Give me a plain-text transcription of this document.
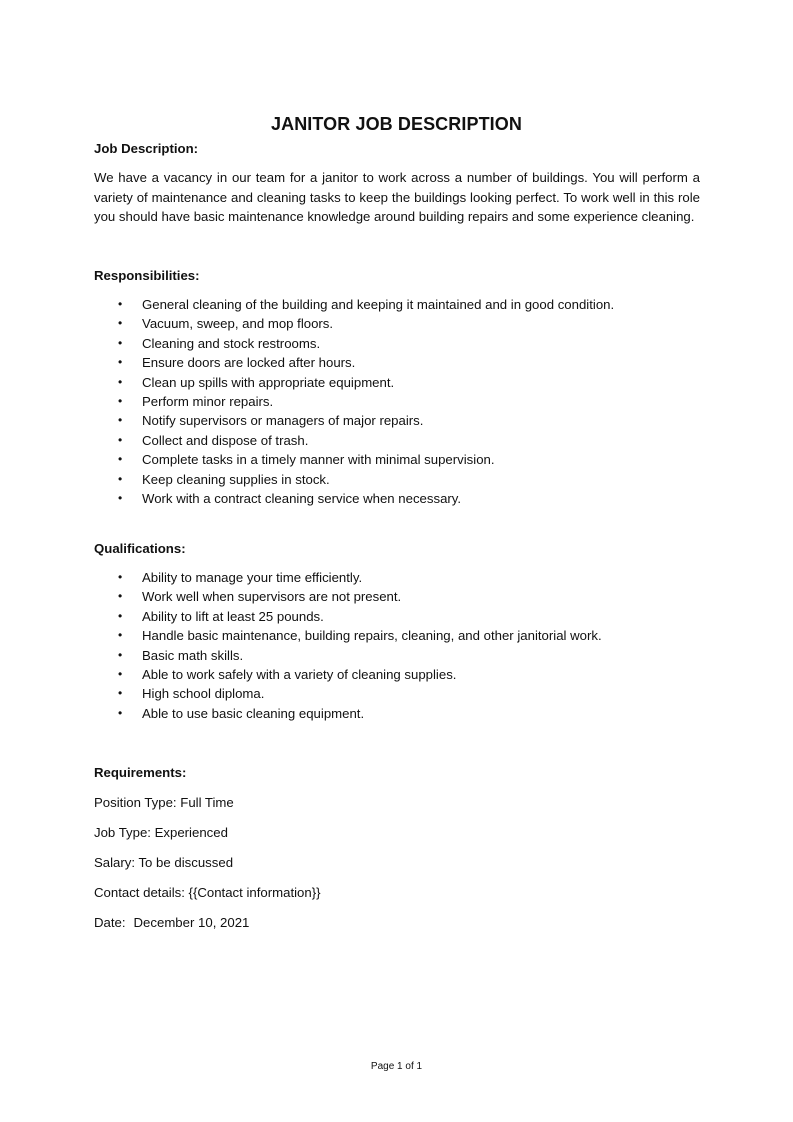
JANITOR JOB DESCRIPTION

Job Description:

We have a vacancy in our team for a janitor to work across a number of buildings. You will perform a variety of maintenance and cleaning tasks to keep the buildings looking perfect. To work well in this role you should have basic maintenance knowledge around building repairs and some experience cleaning.

Responsibilities:

• General cleaning of the building and keeping it maintained and in good condition.
• Vacuum, sweep, and mop floors.
• Cleaning and stock restrooms.
• Ensure doors are locked after hours.
• Clean up spills with appropriate equipment.
• Perform minor repairs.
• Notify supervisors or managers of major repairs.
• Collect and dispose of trash.
• Complete tasks in a timely manner with minimal supervision.
• Keep cleaning supplies in stock.
• Work with a contract cleaning service when necessary.

Qualifications:

• Ability to manage your time efficiently.
• Work well when supervisors are not present.
• Ability to lift at least 25 pounds.
• Handle basic maintenance, building repairs, cleaning, and other janitorial work.
• Basic math skills.
• Able to work safely with a variety of cleaning supplies.
• High school diploma.
• Able to use basic cleaning equipment.

Requirements:

Position Type: Full Time

Job Type: Experienced

Salary: To be discussed

Contact details: {{Contact information}}

Date: December 10, 2021

Page 1 of 1
